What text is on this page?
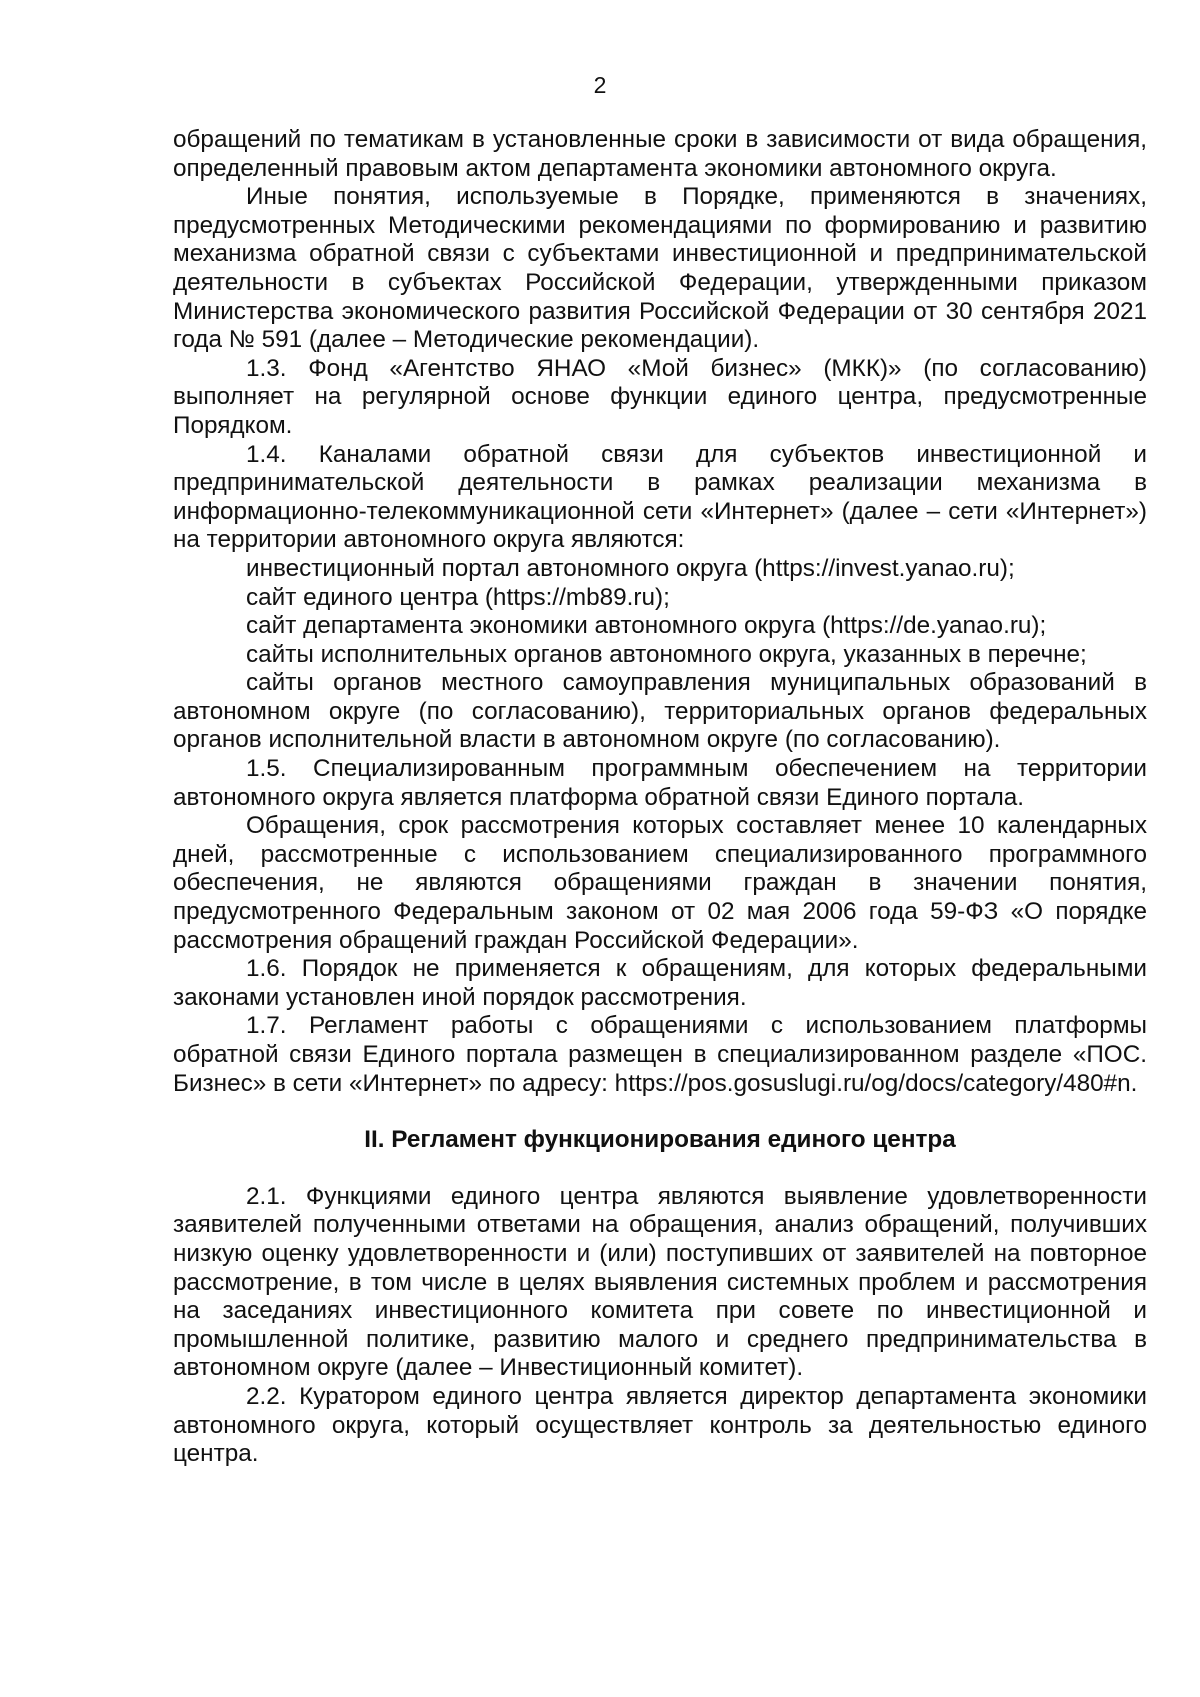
2

обращений по тематикам в установленные сроки в зависимости от вида обращения, определенный правовым актом департамента экономики автономного округа.

Иные понятия, используемые в Порядке, применяются в значениях, предусмотренных Методическими рекомендациями по формированию и развитию механизма обратной связи с субъектами инвестиционной и предпринимательской деятельности в субъектах Российской Федерации, утвержденными приказом Министерства экономического развития Российской Федерации от 30 сентября 2021 года № 591 (далее – Методические рекомендации).

1.3. Фонд «Агентство ЯНАО «Мой бизнес» (МКК)» (по согласованию) выполняет на регулярной основе функции единого центра, предусмотренные Порядком.

1.4. Каналами обратной связи для субъектов инвестиционной и предпринимательской деятельности в рамках реализации механизма в информационно-телекоммуникационной сети «Интернет» (далее – сети «Интернет») на территории автономного округа являются:

инвестиционный портал автономного округа (https://invest.yanao.ru);

сайт единого центра (https://mb89.ru);

сайт департамента экономики автономного округа (https://de.yanao.ru);

сайты исполнительных органов автономного округа, указанных в перечне;

сайты органов местного самоуправления муниципальных образований в автономном округе (по согласованию), территориальных органов федеральных органов исполнительной власти в автономном округе (по согласованию).

1.5. Специализированным программным обеспечением на территории автономного округа является платформа обратной связи Единого портала.

Обращения, срок рассмотрения которых составляет менее 10 календарных дней, рассмотренные с использованием специализированного программного обеспечения, не являются обращениями граждан в значении понятия, предусмотренного Федеральным законом от 02 мая 2006 года 59-ФЗ «О порядке рассмотрения обращений граждан Российской Федерации».

1.6. Порядок не применяется к обращениям, для которых федеральными законами установлен иной порядок рассмотрения.

1.7. Регламент работы с обращениями с использованием платформы обратной связи Единого портала размещен в специализированном разделе «ПОС. Бизнес» в сети «Интернет» по адресу: https://pos.gosuslugi.ru/og/docs/category/480#n.

II. Регламент функционирования единого центра

2.1. Функциями единого центра являются выявление удовлетворенности заявителей полученными ответами на обращения, анализ обращений, получивших низкую оценку удовлетворенности и (или) поступивших от заявителей на повторное рассмотрение, в том числе в целях выявления системных проблем и рассмотрения на заседаниях инвестиционного комитета при совете по инвестиционной и промышленной политике, развитию малого и среднего предпринимательства в автономном округе (далее – Инвестиционный комитет).

2.2. Куратором единого центра является директор департамента экономики автономного округа, который осуществляет контроль за деятельностью единого центра.
